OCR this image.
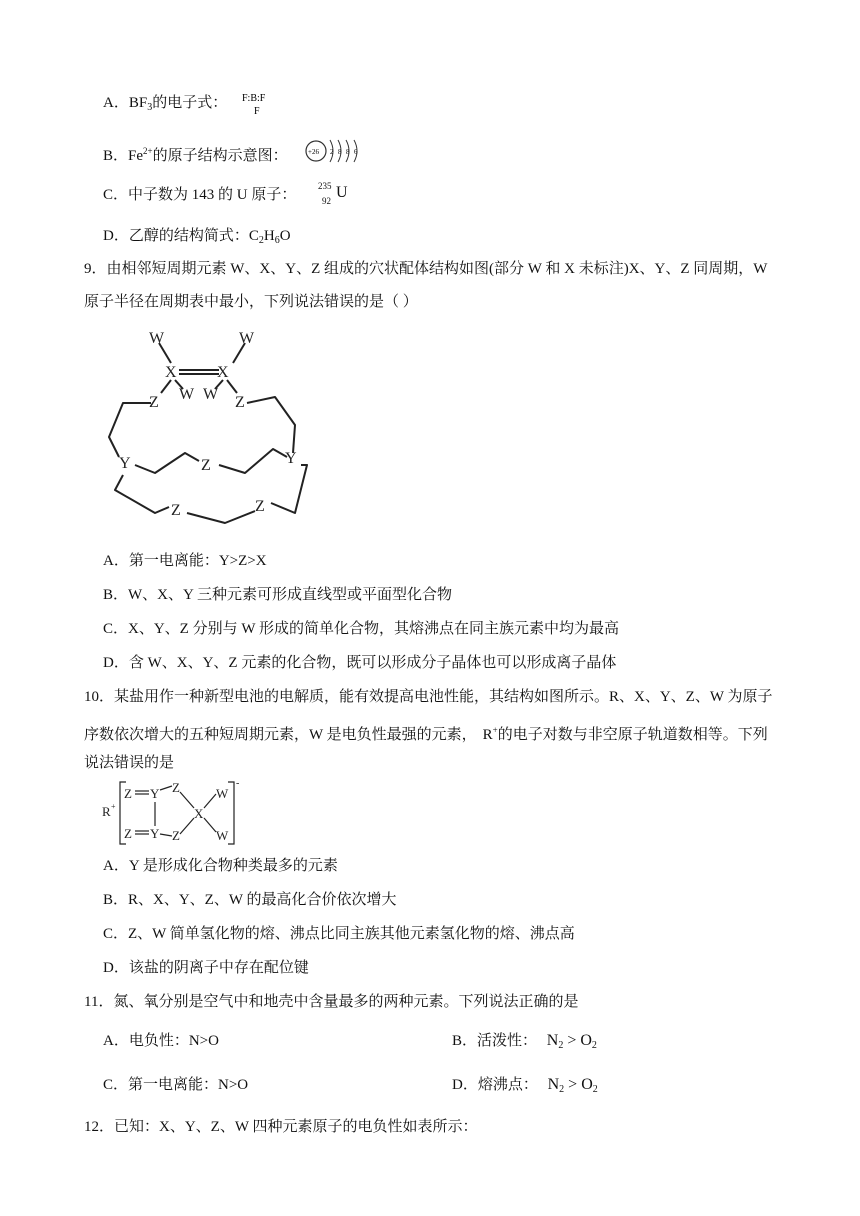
A．$BF_3$的电子式： F:B:F
F
B．$Fe^{2+}$的原子结构示意图：	+26 2 8 8 6
C．中子数为 143 的 U 原子：
235
92 U
D．乙醇的结构简式：$C_2H_6O$
9．由相邻短周期元素 W、X、Y、Z 组成的穴状配体结构如图(部分 W 和 X 未标注)X、Y、Z 同周期，W
原子半径在周期表中最小，下列说法错误的是（ ）
W	W
X	X
W W
Z	Z
Y	Y
Z
Z	Z
A．第一电离能：Y>Z>X
B．W、X、Y 三种元素可形成直线型或平面型化合物
C．X、Y、Z 分别与 W 形成的简单化合物，其熔沸点在同主族元素中均为最高
D．含 W、X、Y、Z 元素的化合物，既可以形成分子晶体也可以形成离子晶体
10．某盐用作一种新型电池的电解质，能有效提高电池性能，其结构如图所示。R、X、Y、Z、W 为原子
序数依次增大的五种短周期元素，W 是电负性最强的元素， R+的电子对数与非空原子轨道数相等。下列
说法错误的是
R +
Z Y Z
X
W
W
Z Y Z
-
A．Y 是形成化合物种类最多的元素
B．R、X、Y、Z、W 的最高化合价依次增大
C．Z、W 简单氢化物的熔、沸点比同主族其他元素氢化物的熔、沸点高
D．该盐的阴离子中存在配位键
11．氮、氧分别是空气中和地壳中含量最多的两种元素。下列说法正确的是
A．电负性：N>O	B．活泼性： $N_2 > O_2$
C．第一电离能：N>O	D．熔沸点： $N_2 > O_2$
12．已知：X、Y、Z、W 四种元素原子的电负性如表所示：
